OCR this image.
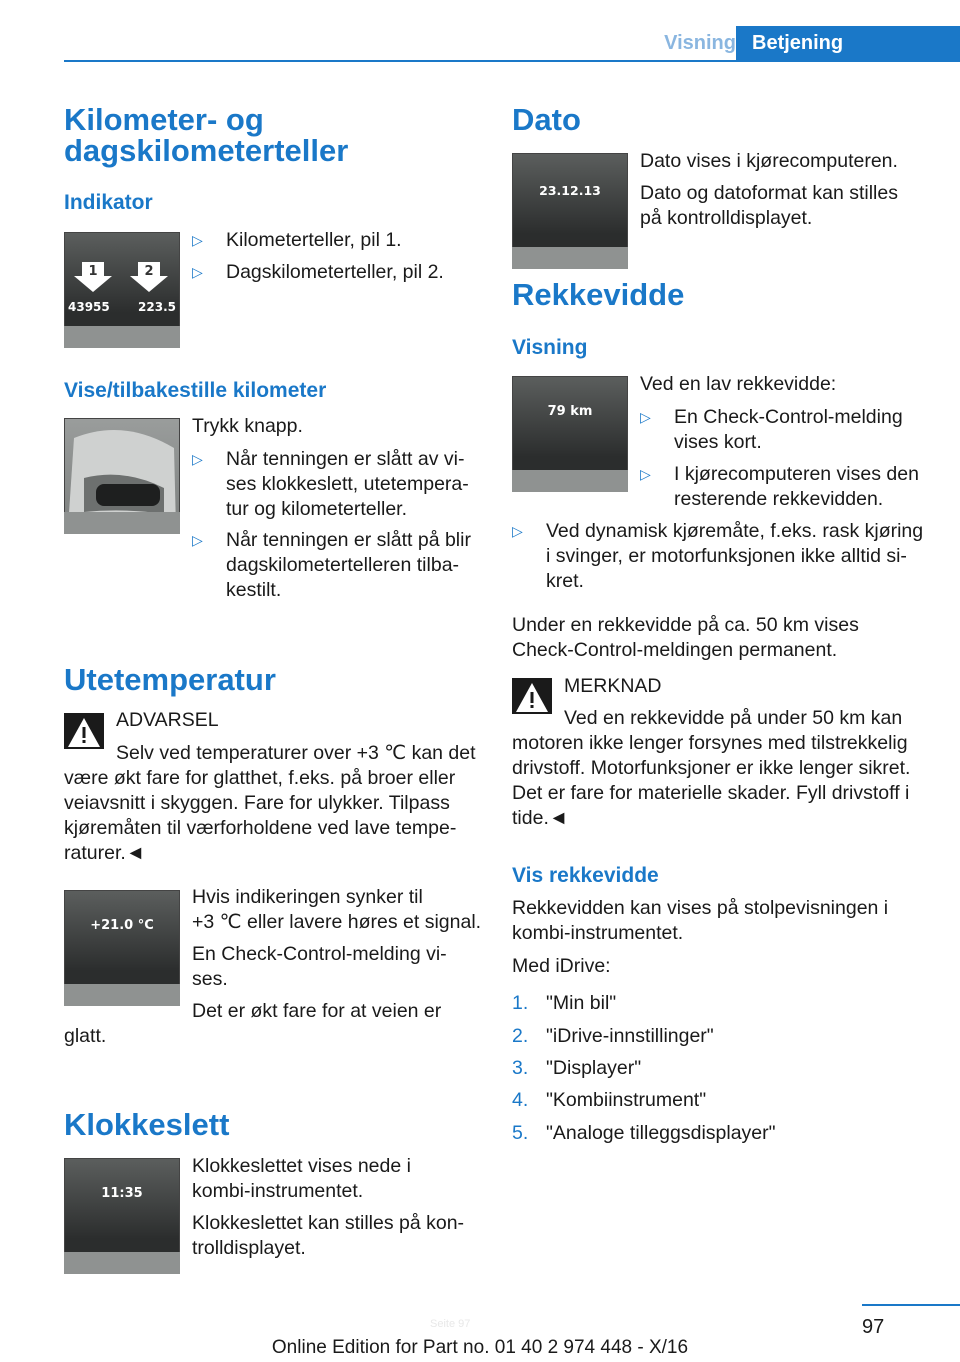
Visning Betjening
Kilometer- og
dagskilometerteller
Indikator
1	2
43955	223.5
▷ Kilometerteller, pil 1.
▷ Dagskilometerteller, pil 2.
Vise/tilbakestille kilometer
Trykk knapp.
▷ Når tenningen er slått av vi-
ses klokkeslett, utetempera-
tur og kilometerteller.
▷ Når tenningen er slått på blir
dagskilometertelleren tilba-
kestilt.
Utetemperatur
ADVARSEL
Selv ved temperaturer over +3 ℃ kan det
være økt fare for glatthet, f.eks. på broer eller
veiavsnitt i skyggen. Fare for ulykker. Tilpass
kjøremåten til værforholdene ved lave tempe-
raturer.◄
+21.0 °C
Hvis indikeringen synker til
+3 ℃ eller lavere høres et signal.
En Check-Control-melding vi-
ses.
Det er økt fare for at veien er
glatt.
Klokkeslett
11:35
Klokkeslettet vises nede i
kombi-instrumentet.
Klokkeslettet kan stilles på kon-
trolldisplayet.
Dato
23.12.13
Dato vises i kjørecomputeren.
Dato og datoformat kan stilles
på kontrolldisplayet.
Rekkevidde
Visning
79 km
Ved en lav rekkevidde:
▷ En Check-Control-melding
vises kort.
▷ I kjørecomputeren vises den
resterende rekkevidden.
▷ Ved dynamisk kjøremåte, f.eks. rask kjøring
i svinger, er motorfunksjonen ikke alltid si-
kret.
Under en rekkevidde på ca. 50 km vises
Check-Control-meldingen permanent.
MERKNAD
Ved en rekkevidde på under 50 km kan
motoren ikke lenger forsynes med tilstrekkelig
drivstoff. Motorfunksjoner er ikke lenger sikret.
Det er fare for materielle skader. Fyll drivstoff i
tide.◄
Vis rekkevidde
Rekkevidden kan vises på stolpevisningen i
kombi-instrumentet.
Med iDrive:
1. "Min bil"
2. "iDrive-innstillinger"
3. "Displayer"
4. "Kombiinstrument"
5. "Analoge tilleggsdisplayer"
97
Online Edition for Part no. 01 40 2 974 448 - X/16
Seite 97
